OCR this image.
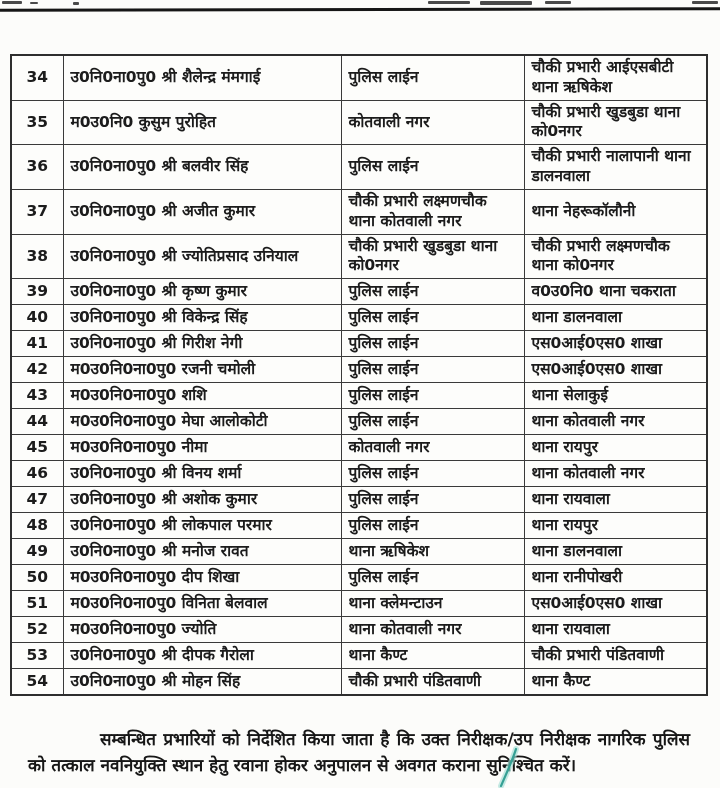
34	उ0नि0ना0पु0 श्री शैलेन्द्र मंमगाई	पुलिस लाईन	चौकी प्रभारी आईएसबीटी थाना ऋषिकेश
35	म0उ0नि0 कुसुम पुरोहित	कोतवाली नगर	चौकी प्रभारी खुडबुडा थाना को0नगर
36	उ0नि0ना0पु0 श्री बलवीर सिंह	पुलिस लाईन	चौकी प्रभारी नालापानी थाना डालनवाला
37	उ0नि0ना0पु0 श्री अजीत कुमार	चौकी प्रभारी लक्ष्मणचौक थाना कोतवाली नगर	थाना नेहरूकॉलौनी
38	उ0नि0ना0पु0 श्री ज्योतिप्रसाद उनियाल	चौकी प्रभारी खुडबुडा थाना को0नगर	चौकी प्रभारी लक्ष्मणचौक थाना को0नगर
39	उ0नि0ना0पु0 श्री कृष्ण कुमार	पुलिस लाईन	व0उ0नि0 थाना चकराता
40	उ0नि0ना0पु0 श्री विकेन्द्र सिंह	पुलिस लाईन	थाना डालनवाला
41	उ0नि0ना0पु0 श्री गिरीश नेगी	पुलिस लाईन	एस0आई0एस0 शाखा
42	म0उ0नि0ना0पु0 रजनी चमोली	पुलिस लाईन	एस0आई0एस0 शाखा
43	म0उ0नि0ना0पु0 शशि	पुलिस लाईन	थाना सेलाकुई
44	म0उ0नि0ना0पु0 मेघा आलोकोटी	पुलिस लाईन	थाना कोतवाली नगर
45	म0उ0नि0ना0पु0 नीमा	कोतवाली नगर	थाना रायपुर
46	उ0नि0ना0पु0 श्री विनय शर्मा	पुलिस लाईन	थाना कोतवाली नगर
47	उ0नि0ना0पु0 श्री अशोक कुमार	पुलिस लाईन	थाना रायवाला
48	उ0नि0ना0पु0 श्री लोकपाल परमार	पुलिस लाईन	थाना रायपुर
49	उ0नि0ना0पु0 श्री मनोज रावत	थाना ऋषिकेश	थाना डालनवाला
50	म0उ0नि0ना0पु0 दीप शिखा	पुलिस लाईन	थाना रानीपोखरी
51	म0उ0नि0ना0पु0 विनिता बेलवाल	थाना क्लेमन्टाउन	एस0आई0एस0 शाखा
52	म0उ0नि0ना0पु0 ज्योति	थाना कोतवाली नगर	थाना रायवाला
53	उ0नि0ना0पु0 श्री दीपक गैरोला	थाना कैण्ट	चौकी प्रभारी पंडितवाणी
54	उ0नि0ना0पु0 श्री मोहन सिंह	चौकी प्रभारी पंडितवाणी	थाना कैण्ट

सम्बन्धित प्रभारियों को निर्देशित किया जाता है कि उक्त निरीक्षक/उप निरीक्षक नागरिक पुलिस को तत्काल नवनियुक्ति स्थान हेतु रवाना होकर अनुपालन से अवगत कराना सुनिश्चित करें।
